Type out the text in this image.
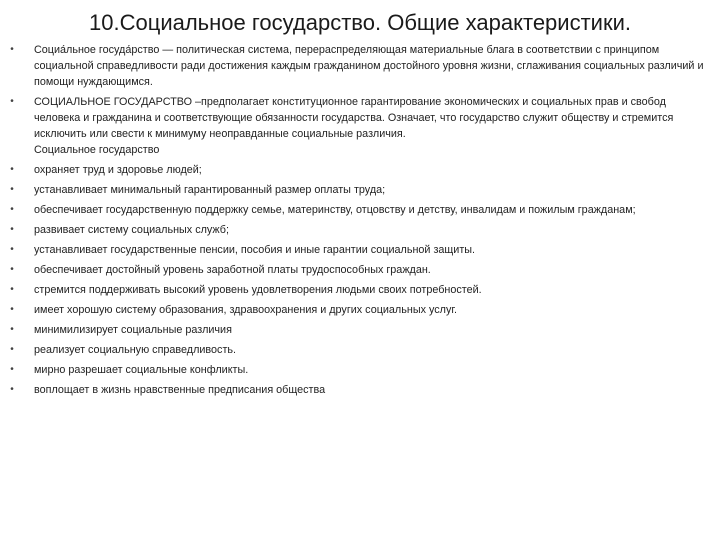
10.Социальное государство. Общие характеристики.
•	Социа́льное госуда́рство — политическая система, перераспределяющая материальные блага в соответствии с принципом социальной справедливости ради достижения каждым гражданином достойного уровня жизни, сглаживания социальных различий и помощи нуждающимся.
•	СОЦИАЛЬНОЕ ГОСУДАРСТВО –предполагает конституционное гарантирование экономических и социальных прав и свобод человека и гражданина и соответствующие обязанности государства. Означает, что государство служит обществу и стремится исключить или свести к минимуму неоправданные социальные различия.
Социальное государство
•	охраняет труд и здоровье людей;
•	устанавливает минимальный гарантированный размер оплаты труда;
•	обеспечивает государственную поддержку семье, материнству, отцовству и детству, инвалидам и пожилым гражданам;
•	развивает систему социальных служб;
•	устанавливает государственные пенсии, пособия и иные гарантии социальной защиты.
•	обеспечивает достойный уровень заработной платы трудоспособных граждан.
•	стремится поддерживать высокий уровень удовлетворения людьми своих потребностей.
•	имеет хорошую систему образования, здравоохранения и других социальных услуг.
•	минимилизирует социальные различия
•	реализует социальную справедливость.
•	мирно разрешает социальные конфликты.
•	воплощает в жизнь нравственные предписания общества
